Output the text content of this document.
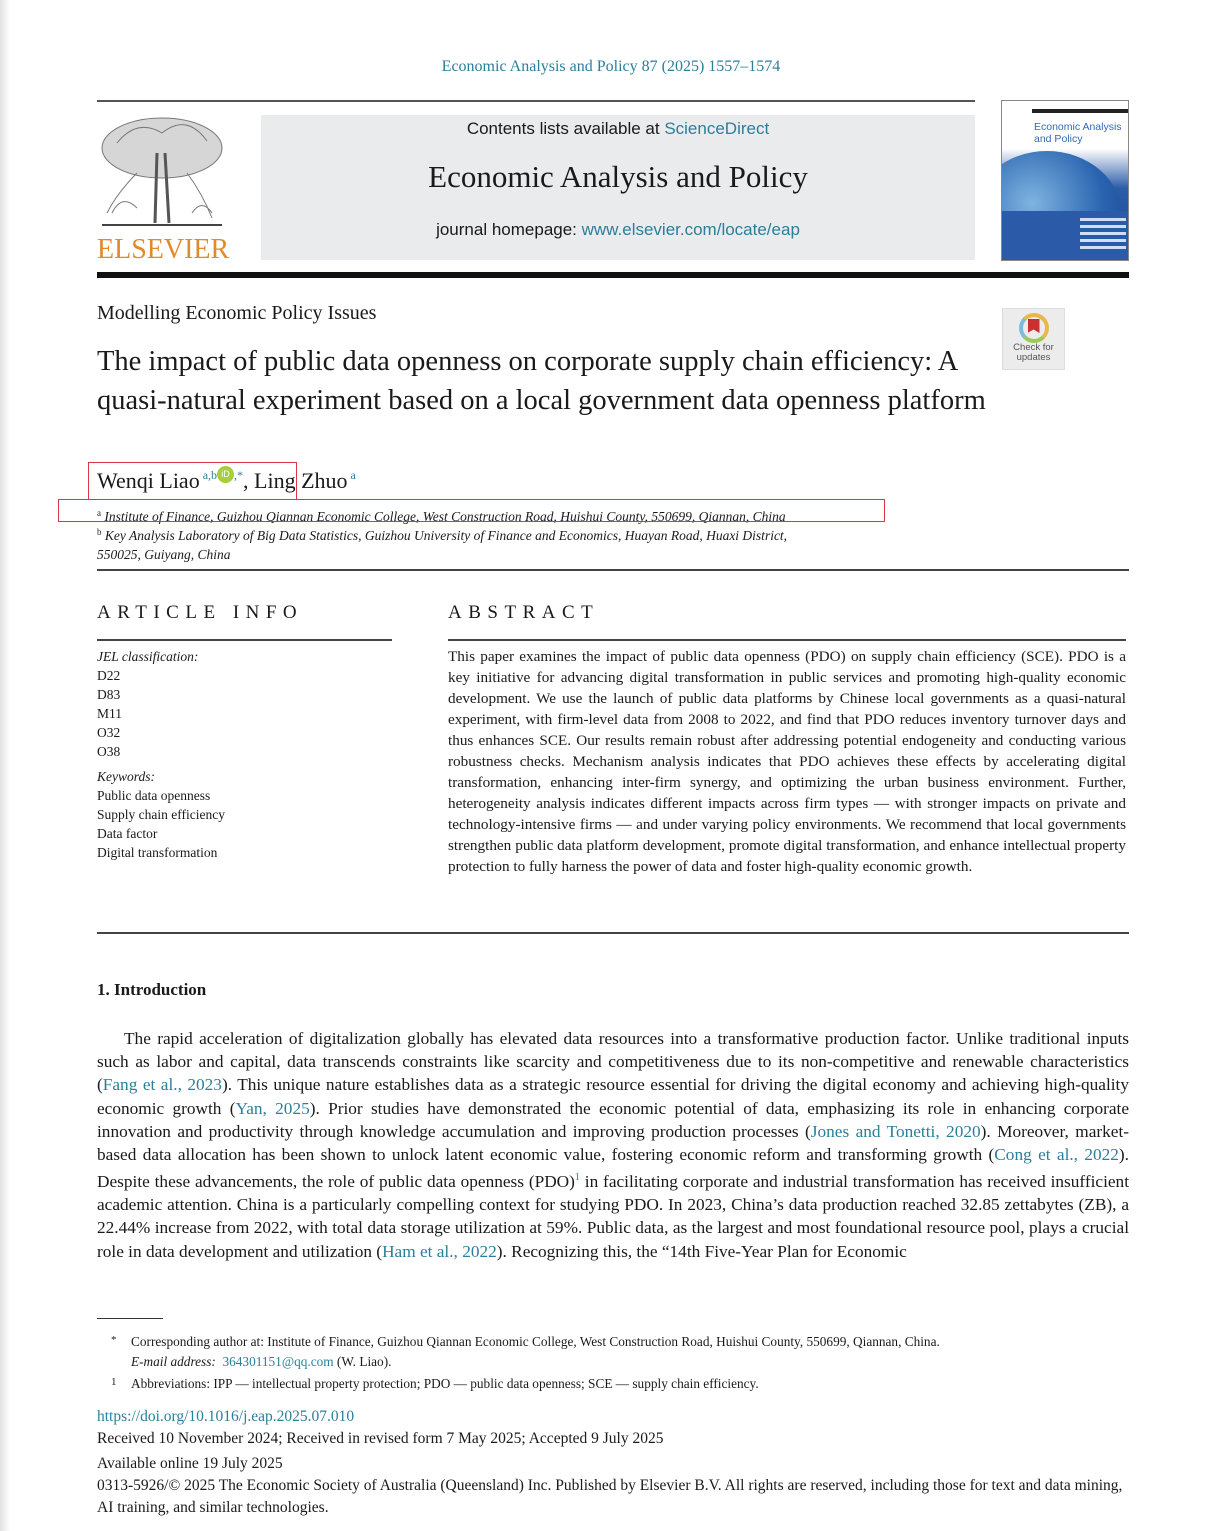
Economic Analysis and Policy 87 (2025) 1557–1574
ELSEVIER
Contents lists available at ScienceDirect
Economic Analysis and Policy
journal homepage: www.elsevier.com/locate/eap
Economic Analysis
and Policy
Modelling Economic Policy Issues
Check for
updates
The impact of public data openness on corporate supply chain efficiency: A quasi-natural experiment based on a local government data openness platform
Wenqi Liao $^{a,b iD ,*}$, Ling Zhuo $^a$
$^a$ Institute of Finance, Guizhou Qiannan Economic College, West Construction Road, Huishui County, 550699, Qiannan, China
$^b$ Key Analysis Laboratory of Big Data Statistics, Guizhou University of Finance and Economics, Huayan Road, Huaxi District, 550025, Guiyang, China
ARTICLE INFO
JEL classification:
D22
D83
M11
O32
O38
Keywords:
Public data openness
Supply chain efficiency
Data factor
Digital transformation
ABSTRACT
This paper examines the impact of public data openness (PDO) on supply chain efficiency (SCE). PDO is a key initiative for advancing digital transformation in public services and promoting high-quality economic development. We use the launch of public data platforms by Chinese local governments as a quasi-natural experiment, with firm-level data from 2008 to 2022, and find that PDO reduces inventory turnover days and thus enhances SCE. Our results remain robust after addressing potential endogeneity and conducting various robustness checks. Mechanism analysis indicates that PDO achieves these effects by accelerating digital transformation, enhancing inter-firm synergy, and optimizing the urban business environment. Further, heterogeneity analysis indicates different impacts across firm types — with stronger impacts on private and technology-intensive firms — and under varying policy environments. We recommend that local governments strengthen public data platform development, promote digital transformation, and enhance intellectual property protection to fully harness the power of data and foster high-quality economic growth.
1. Introduction
The rapid acceleration of digitalization globally has elevated data resources into a transformative production factor. Unlike traditional inputs such as labor and capital, data transcends constraints like scarcity and competitiveness due to its non-competitive and renewable characteristics (Fang et al., 2023). This unique nature establishes data as a strategic resource essential for driving the digital economy and achieving high-quality economic growth (Yan, 2025). Prior studies have demonstrated the economic potential of data, emphasizing its role in enhancing corporate innovation and productivity through knowledge accumulation and improving production processes (Jones and Tonetti, 2020). Moreover, market-based data allocation has been shown to unlock latent economic value, fostering economic reform and transforming growth (Cong et al., 2022). Despite these advancements, the role of public data openness (PDO)$^1$ in facilitating corporate and industrial transformation has received insufficient academic attention. China is a particularly compelling context for studying PDO. In 2023, China’s data production reached 32.85 zettabytes (ZB), a 22.44% increase from 2022, with total data storage utilization at 59%. Public data, as the largest and most foundational resource pool, plays a crucial role in data development and utilization (Ham et al., 2022). Recognizing this, the “14th Five-Year Plan for Economic
* Corresponding author at: Institute of Finance, Guizhou Qiannan Economic College, West Construction Road, Huishui County, 550699, Qiannan, China.
E-mail address: 364301151@qq.com (W. Liao).
1 Abbreviations: IPP — intellectual property protection; PDO — public data openness; SCE — supply chain efficiency.
https://doi.org/10.1016/j.eap.2025.07.010
Received 10 November 2024; Received in revised form 7 May 2025; Accepted 9 July 2025
Available online 19 July 2025
0313-5926/© 2025 The Economic Society of Australia (Queensland) Inc. Published by Elsevier B.V. All rights are reserved, including those for text and data mining, AI training, and similar technologies.
